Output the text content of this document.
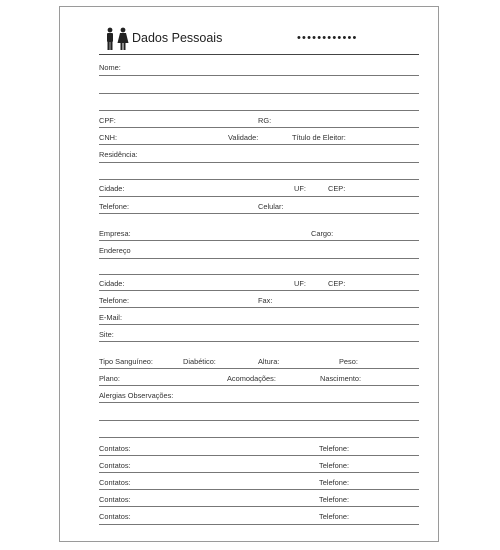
Dados Pessoais	••••••••••••
Nome:
CPF:	RG:
CNH:	Validade:	Título de Eleitor:
Residência:
Cidade:	UF:	CEP:
Telefone:	Celular:
Empresa:	Cargo:
Endereço
Cidade:	UF:	CEP:
Telefone:	Fax:
E-Mail:
Site:
Tipo Sanguíneo:	Diabético:	Altura:	Peso:
Plano:	Acomodações:	Nascimento:
Alergias Observações:
Contatos:	Telefone:
Contatos:	Telefone:
Contatos:	Telefone:
Contatos:	Telefone:
Contatos:	Telefone:
